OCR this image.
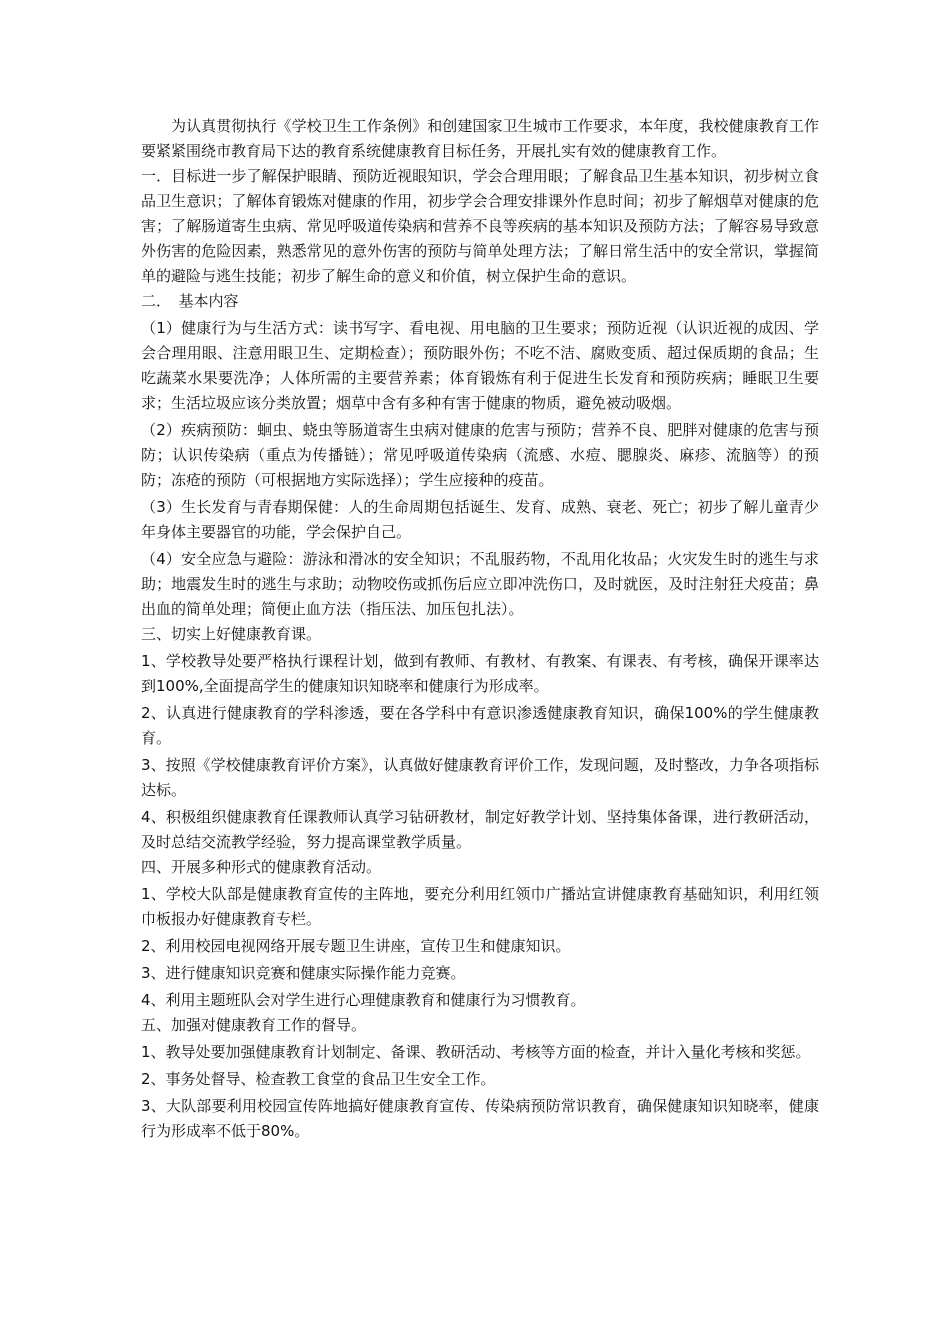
为认真贯彻执行《学校卫生工作条例》和创建国家卫生城市工作要求，本年度，我校健康教育工作要紧紧围绕市教育局下达的教育系统健康教育目标任务，开展扎实有效的健康教育工作。

一．目标进一步了解保护眼睛、预防近视眼知识，学会合理用眼；了解食品卫生基本知识，初步树立食品卫生意识；了解体育锻炼对健康的作用，初步学会合理安排课外作息时间；初步了解烟草对健康的危害；了解肠道寄生虫病、常见呼吸道传染病和营养不良等疾病的基本知识及预防方法；了解容易导致意外伤害的危险因素，熟悉常见的意外伤害的预防与简单处理方法；了解日常生活中的安全常识，掌握简单的避险与逃生技能；初步了解生命的意义和价值，树立保护生命的意识。

二．　基本内容

（1）健康行为与生活方式：读书写字、看电视、用电脑的卫生要求；预防近视（认识近视的成因、学会合理用眼、注意用眼卫生、定期检查）；预防眼外伤；不吃不洁、腐败变质、超过保质期的食品；生吃蔬菜水果要洗净；人体所需的主要营养素；体育锻炼有利于促进生长发育和预防疾病；睡眠卫生要求；生活垃圾应该分类放置；烟草中含有多种有害于健康的物质，避免被动吸烟。

（2）疾病预防：蛔虫、蛲虫等肠道寄生虫病对健康的危害与预防；营养不良、肥胖对健康的危害与预防；认识传染病（重点为传播链）；常见呼吸道传染病（流感、水痘、腮腺炎、麻疹、流脑等）的预防；冻疮的预防（可根据地方实际选择）；学生应接种的疫苗。

（3）生长发育与青春期保健：人的生命周期包括诞生、发育、成熟、衰老、死亡；初步了解儿童青少年身体主要器官的功能，学会保护自己。

（4）安全应急与避险：游泳和滑冰的安全知识；不乱服药物，不乱用化妆品；火灾发生时的逃生与求助；地震发生时的逃生与求助；动物咬伤或抓伤后应立即冲洗伤口，及时就医，及时注射狂犬疫苗；鼻出血的简单处理；简便止血方法（指压法、加压包扎法）。

三、切实上好健康教育课。

1、学校教导处要严格执行课程计划，做到有教师、有教材、有教案、有课表、有考核，确保开课率达到100%,全面提高学生的健康知识知晓率和健康行为形成率。

2、认真进行健康教育的学科渗透，要在各学科中有意识渗透健康教育知识，确保100%的学生健康教育。

3、按照《学校健康教育评价方案》，认真做好健康教育评价工作，发现问题，及时整改，力争各项指标达标。

4、积极组织健康教育任课教师认真学习钻研教材，制定好教学计划、坚持集体备课，进行教研活动，及时总结交流教学经验，努力提高课堂教学质量。

四、开展多种形式的健康教育活动。

1、学校大队部是健康教育宣传的主阵地，要充分利用红领巾广播站宣讲健康教育基础知识，利用红领巾板报办好健康教育专栏。

2、利用校园电视网络开展专题卫生讲座，宣传卫生和健康知识。

3、进行健康知识竞赛和健康实际操作能力竞赛。

4、利用主题班队会对学生进行心理健康教育和健康行为习惯教育。

五、加强对健康教育工作的督导。

1、教导处要加强健康教育计划制定、备课、教研活动、考核等方面的检查，并计入量化考核和奖惩。

2、事务处督导、检查教工食堂的食品卫生安全工作。

3、大队部要利用校园宣传阵地搞好健康教育宣传、传染病预防常识教育，确保健康知识知晓率，健康行为形成率不低于80%。
